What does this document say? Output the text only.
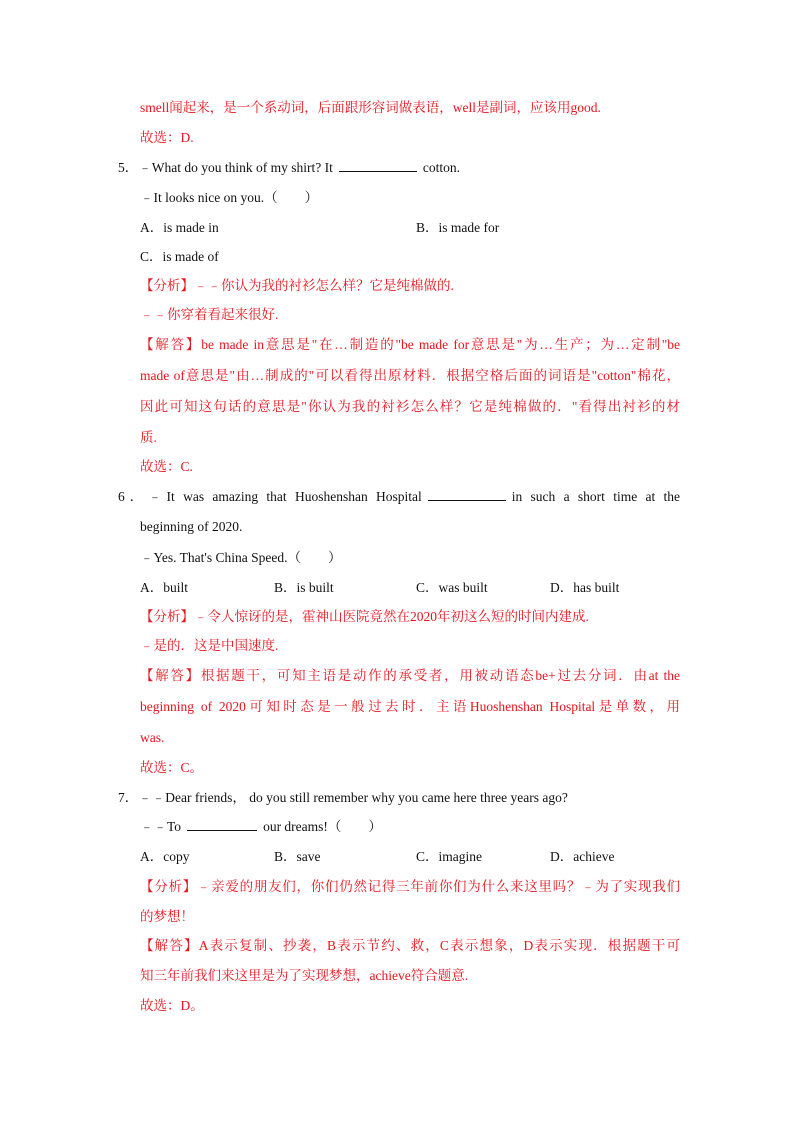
smell闻起来，是一个系动词，后面跟形容词做表语，well是副词，应该用good.
故选：D.
5．﹣What do you think of my shirt? It	cotton.
﹣It looks nice on you.（　　）
A．is made in	B．is made for
C．is made of
【分析】﹣﹣你认为我的衬衫怎么样？它是纯棉做的.
﹣﹣你穿着看起来很好.
【解答】be made in意思是"在…制造的"be made for意思是"为…生产；为…定制"be
made of意思是"由…制成的"可以看得出原材料．根据空格后面的词语是"cotton"棉花，
因此可知这句话的意思是"你认为我的衬衫怎么样？它是纯棉做的．"看得出衬衫的材
质.
故选：C.
6．﹣It was amazing that Huoshenshan Hospital	in such a short time at the
beginning of 2020.
﹣Yes. That's China Speed.（　　）
A．built	B．is built	C．was built	D．has built
【分析】﹣令人惊讶的是，霍神山医院竟然在2020年初这么短的时间内建成.
﹣是的．这是中国速度.
【解答】根据题干，可知主语是动作的承受者，用被动语态be+过去分词．由at the
beginning of 2020可知时态是一般过去时．主语Huoshenshan Hospital是单数，用
was.
故选：C。
7．﹣﹣Dear friends， do you still remember why you came here three years ago?
﹣﹣To	our dreams!（　　）
A．copy	B．save	C．imagine	D．achieve
【分析】﹣亲爱的朋友们，你们仍然记得三年前你们为什么来这里吗？﹣为了实现我们
的梦想！
【解答】A表示复制、抄袭，B表示节约、救，C表示想象，D表示实现．根据题干可
知三年前我们来这里是为了实现梦想，achieve符合题意.
故选：D。
